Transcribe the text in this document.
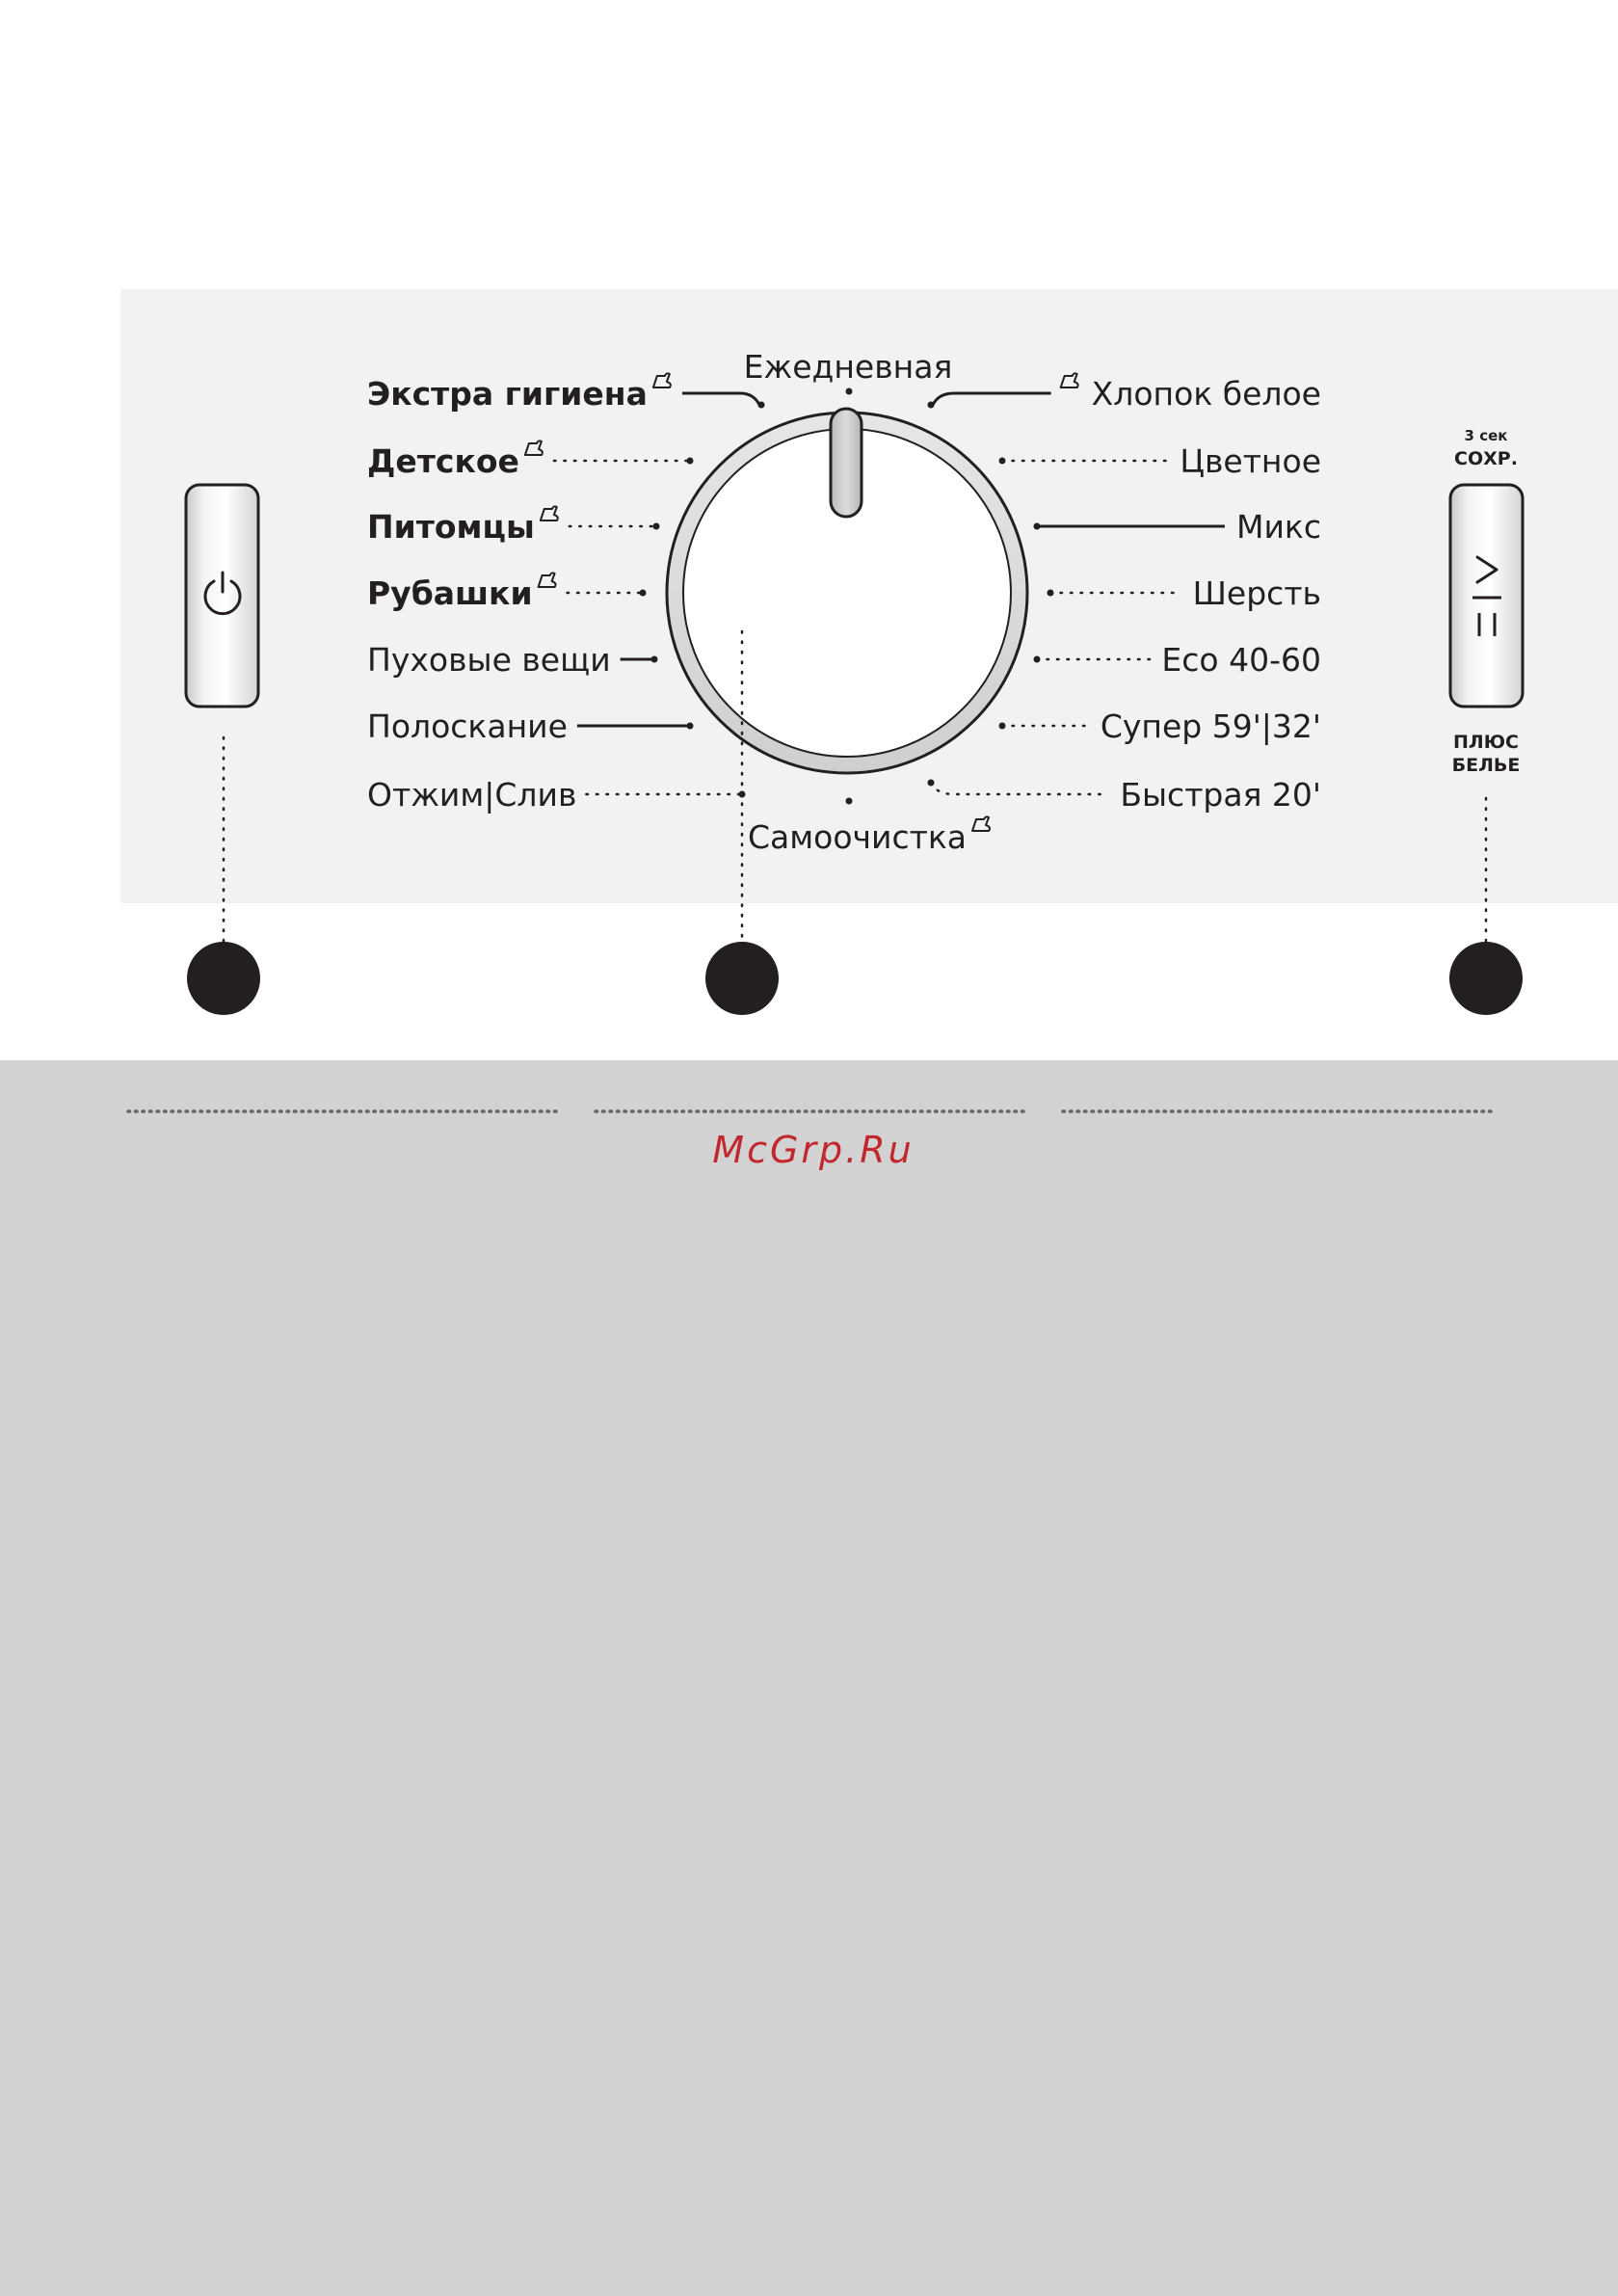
3 сек
СОХР.
ПЛЮС
БЕЛЬЕ
Ежедневная
Самоочистка
Экстра гигиена
Детское
Питомцы
Рубашки
Пуховые вещи
Полоскание
Отжим|Слив
Хлопок белое
Цветное
Микс
Шерсть
Eco 40-60
Супер 59'|32'
Быстрая 20'
McGrp.Ru
